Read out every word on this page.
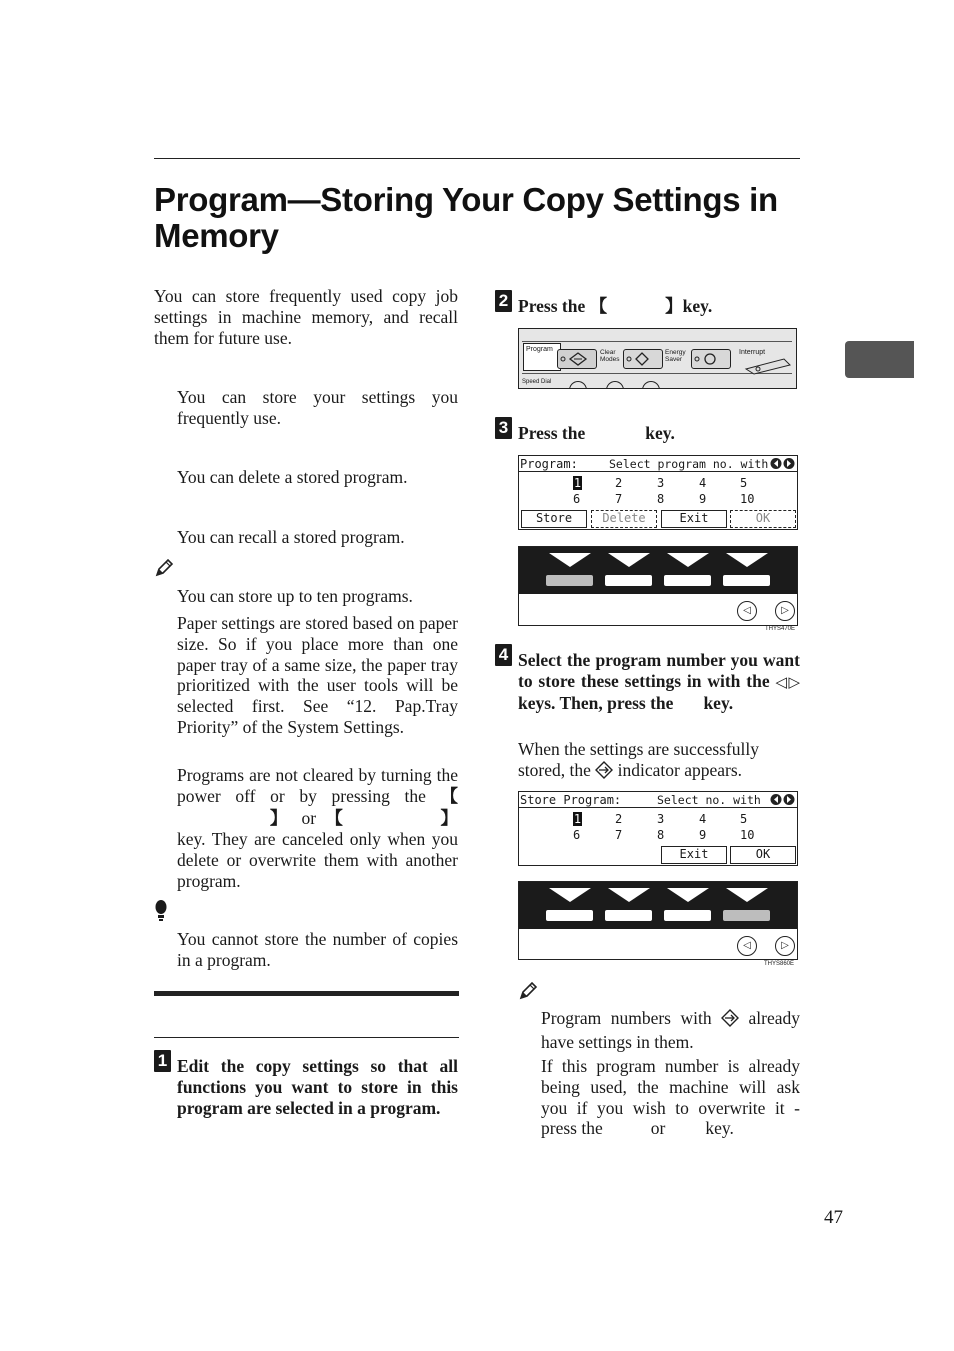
Program—Storing Your Copy Settings in Memory
You can store frequently used copy job settings in machine memory, and recall them for future use.
You can store your settings you frequently use.
You can delete a stored program.
You can recall a stored program.
You can store up to ten programs.
Paper settings are stored based on paper size. So if you place more than one paper tray of a same size, the paper tray prioritized with the user tools will be selected first. See “12. Pap.Tray Priority” of the System Settings.
Programs are not cleared by turning the power off or by pressing the 【】 or 【	】 key. They are canceled only when you delete or overwrite them with another program.
You cannot store the number of copies in a program.
1 Edit the copy settings so that all functions you want to store in this program are selected in a program.
2 Press the 【	】key.
Program	Clear Modes
Energy Saver
Interrupt
Speed Dial
3 Press the	key.
Program:	Select program no. with
1	2	3	4	5
6	7	8	9	10
Store	Delete	Exit	OK
◁	▷
THYS470E
4 Select the program number you want to store these settings in with the ◁▷ keys. Then, press the key.
When the settings are successfully stored, the indicator appears.
Store Program:	Select no. with
1	2	3	4	5
6	7	8	9	10
Exit	OK
◁	▷
THYS860E
Program numbers with already have settings in them.
If this program number is already being used, the machine will ask you if you wish to overwrite it - press the	or key.
47
